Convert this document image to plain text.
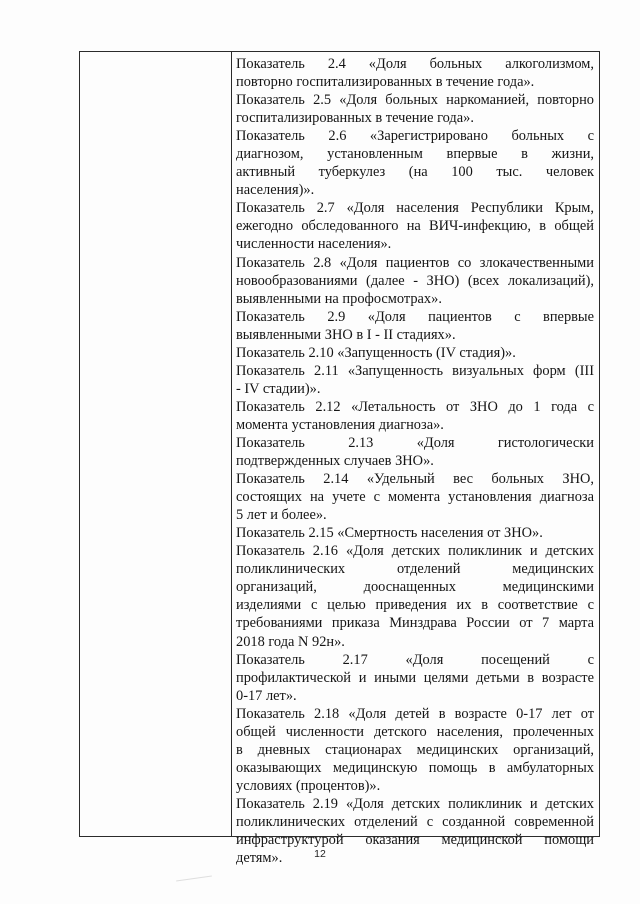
Показатель 2.4 «Доля больных алкоголизмом,
повторно госпитализированных в течение года».
Показатель 2.5 «Доля больных наркоманией, повторно
госпитализированных в течение года».
Показатель 2.6 «Зарегистрировано больных с
диагнозом, установленным впервые в жизни,
активный туберкулез (на 100 тыс. человек
населения)».
Показатель 2.7 «Доля населения Республики Крым,
ежегодно обследованного на ВИЧ-инфекцию, в общей
численности населения».
Показатель 2.8 «Доля пациентов со злокачественными
новообразованиями (далее - ЗНО) (всех локализаций),
выявленными на профосмотрах».
Показатель 2.9 «Доля пациентов с впервые
выявленными ЗНО в I - II стадиях».
Показатель 2.10 «Запущенность (IV стадия)».
Показатель 2.11 «Запущенность визуальных форм (III
- IV стадии)».
Показатель 2.12 «Летальность от ЗНО до 1 года с
момента установления диагноза».
Показатель 2.13 «Доля гистологически
подтвержденных случаев ЗНО».
Показатель 2.14 «Удельный вес больных ЗНО,
состоящих на учете с момента установления диагноза
5 лет и более».
Показатель 2.15 «Смертность населения от ЗНО».
Показатель 2.16 «Доля детских поликлиник и детских
поликлинических отделений медицинских
организаций, дооснащенных медицинскими
изделиями с целью приведения их в соответствие с
требованиями приказа Минздрава России от 7 марта
2018 года N 92н».
Показатель 2.17 «Доля посещений с
профилактической и иными целями детьми в возрасте
0-17 лет».
Показатель 2.18 «Доля детей в возрасте 0-17 лет от
общей численности детского населения, пролеченных
в дневных стационарах медицинских организаций,
оказывающих медицинскую помощь в амбулаторных
условиях (процентов)».
Показатель 2.19 «Доля детских поликлиник и детских
поликлинических отделений с созданной современной
инфраструктурой оказания медицинской помощи
детям».	12
